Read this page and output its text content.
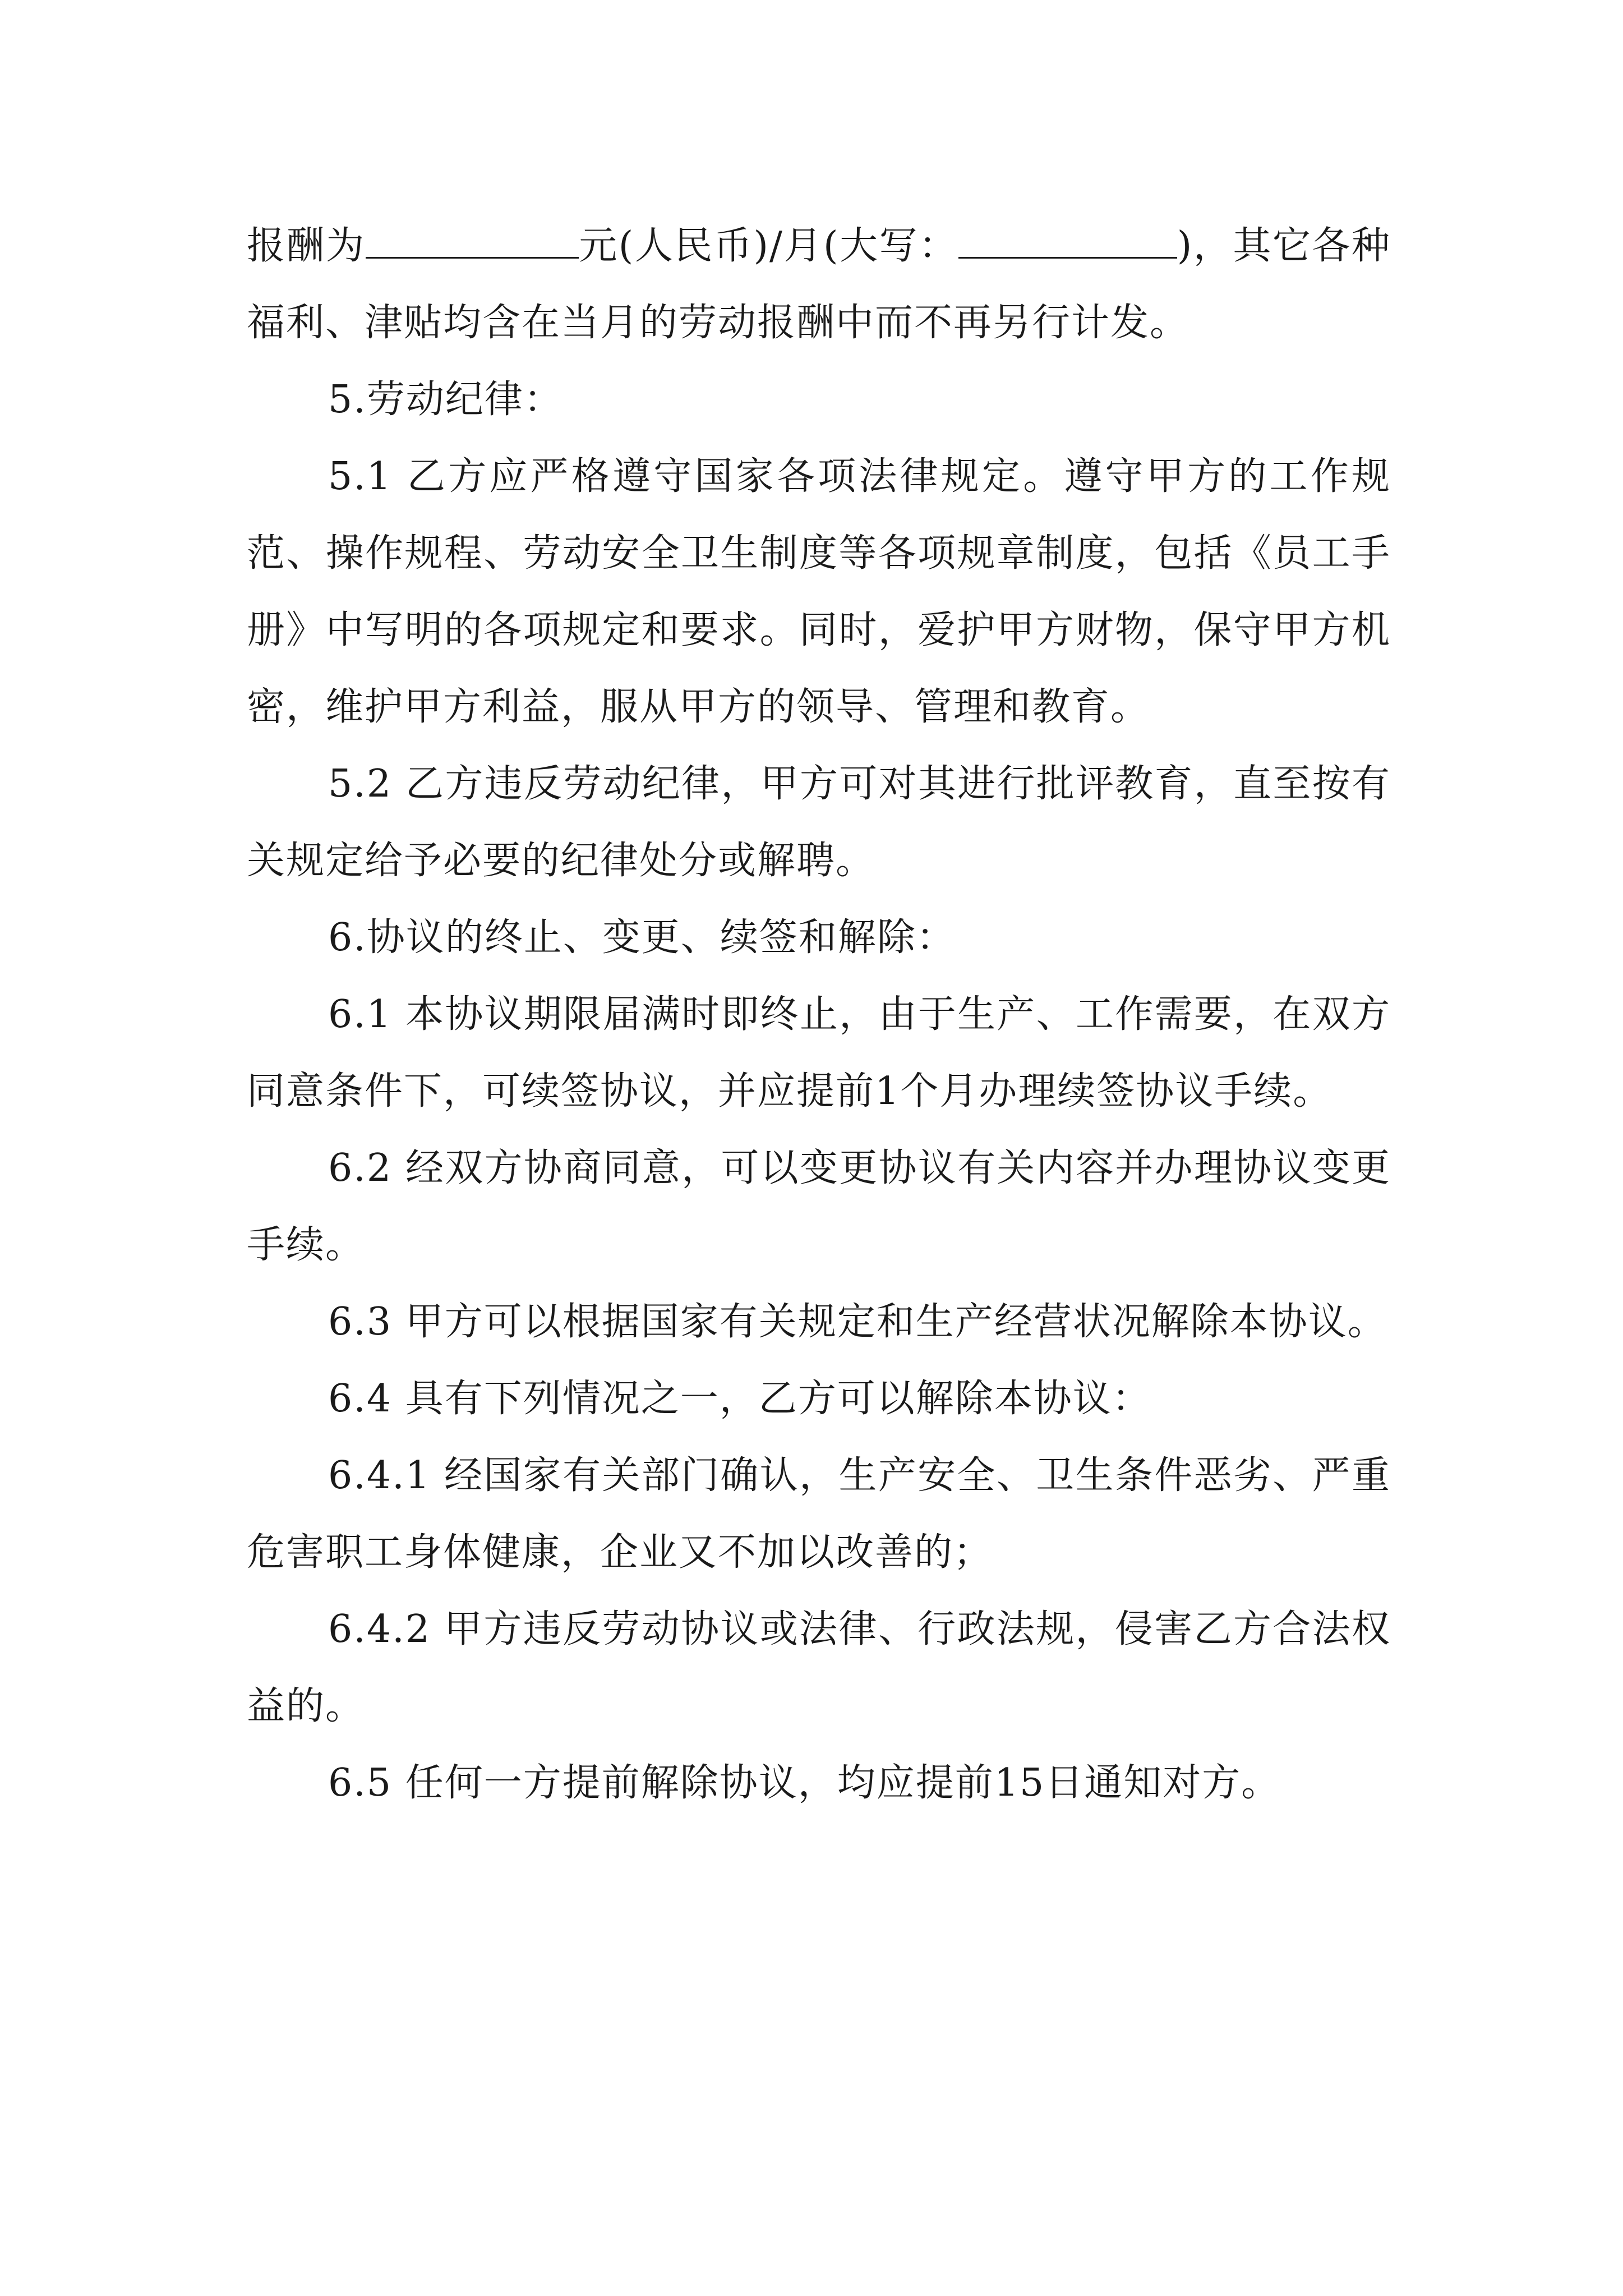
报酬为	元(人民币)/月(大写：	)，其它各种福利、津贴均含在当月的劳动报酬中而不再另行计发。

5.劳动纪律：

5.1 乙方应严格遵守国家各项法律规定。遵守甲方的工作规范、操作规程、劳动安全卫生制度等各项规章制度，包括《员工手册》中写明的各项规定和要求。同时，爱护甲方财物，保守甲方机密，维护甲方利益，服从甲方的领导、管理和教育。

5.2 乙方违反劳动纪律，甲方可对其进行批评教育，直至按有关规定给予必要的纪律处分或解聘。

6.协议的终止、变更、续签和解除：

6.1 本协议期限届满时即终止，由于生产、工作需要，在双方同意条件下，可续签协议，并应提前1个月办理续签协议手续。

6.2 经双方协商同意，可以变更协议有关内容并办理协议变更手续。

6.3 甲方可以根据国家有关规定和生产经营状况解除本协议。

6.4 具有下列情况之一，乙方可以解除本协议：

6.4.1 经国家有关部门确认，生产安全、卫生条件恶劣、严重危害职工身体健康，企业又不加以改善的；

6.4.2 甲方违反劳动协议或法律、行政法规，侵害乙方合法权益的。

6.5 任何一方提前解除协议，均应提前15日通知对方。
